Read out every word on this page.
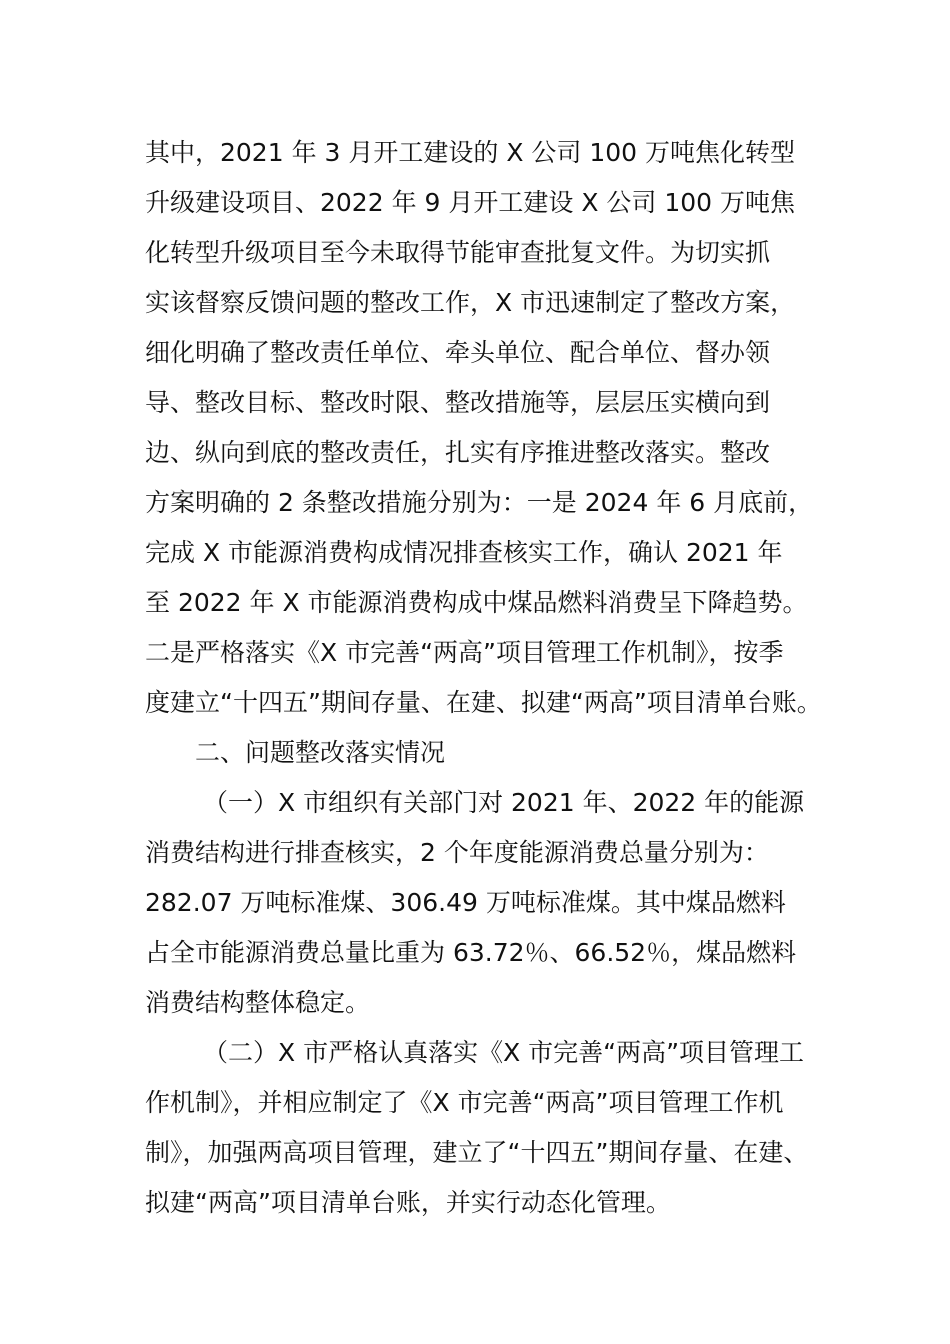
其中，2021 年 3 月开工建设的 X 公司 100 万吨焦化转型
升级建设项目、2022 年 9 月开工建设 X 公司 100 万吨焦
化转型升级项目至今未取得节能审查批复文件。为切实抓
实该督察反馈问题的整改工作，X 市迅速制定了整改方案，
细化明确了整改责任单位、牵头单位、配合单位、督办领
导、整改目标、整改时限、整改措施等，层层压实横向到
边、纵向到底的整改责任，扎实有序推进整改落实。整改
方案明确的 2 条整改措施分别为：一是 2024 年 6 月底前，
完成 X 市能源消费构成情况排查核实工作，确认 2021 年
至 2022 年 X 市能源消费构成中煤品燃料消费呈下降趋势。
二是严格落实《X 市完善“两高”项目管理工作机制》，按季
度建立“十四五”期间存量、在建、拟建“两高”项目清单台账。
二、问题整改落实情况
（一）X 市组织有关部门对 2021 年、2022 年的能源
消费结构进行排查核实，2 个年度能源消费总量分别为：
282.07 万吨标准煤、306.49 万吨标准煤。其中煤品燃料
占全市能源消费总量比重为 63.72％、66.52％，煤品燃料
消费结构整体稳定。
（二）X 市严格认真落实《X 市完善“两高”项目管理工
作机制》，并相应制定了《X 市完善“两高”项目管理工作机
制》，加强两高项目管理，建立了“十四五”期间存量、在建、
拟建“两高”项目清单台账，并实行动态化管理。
